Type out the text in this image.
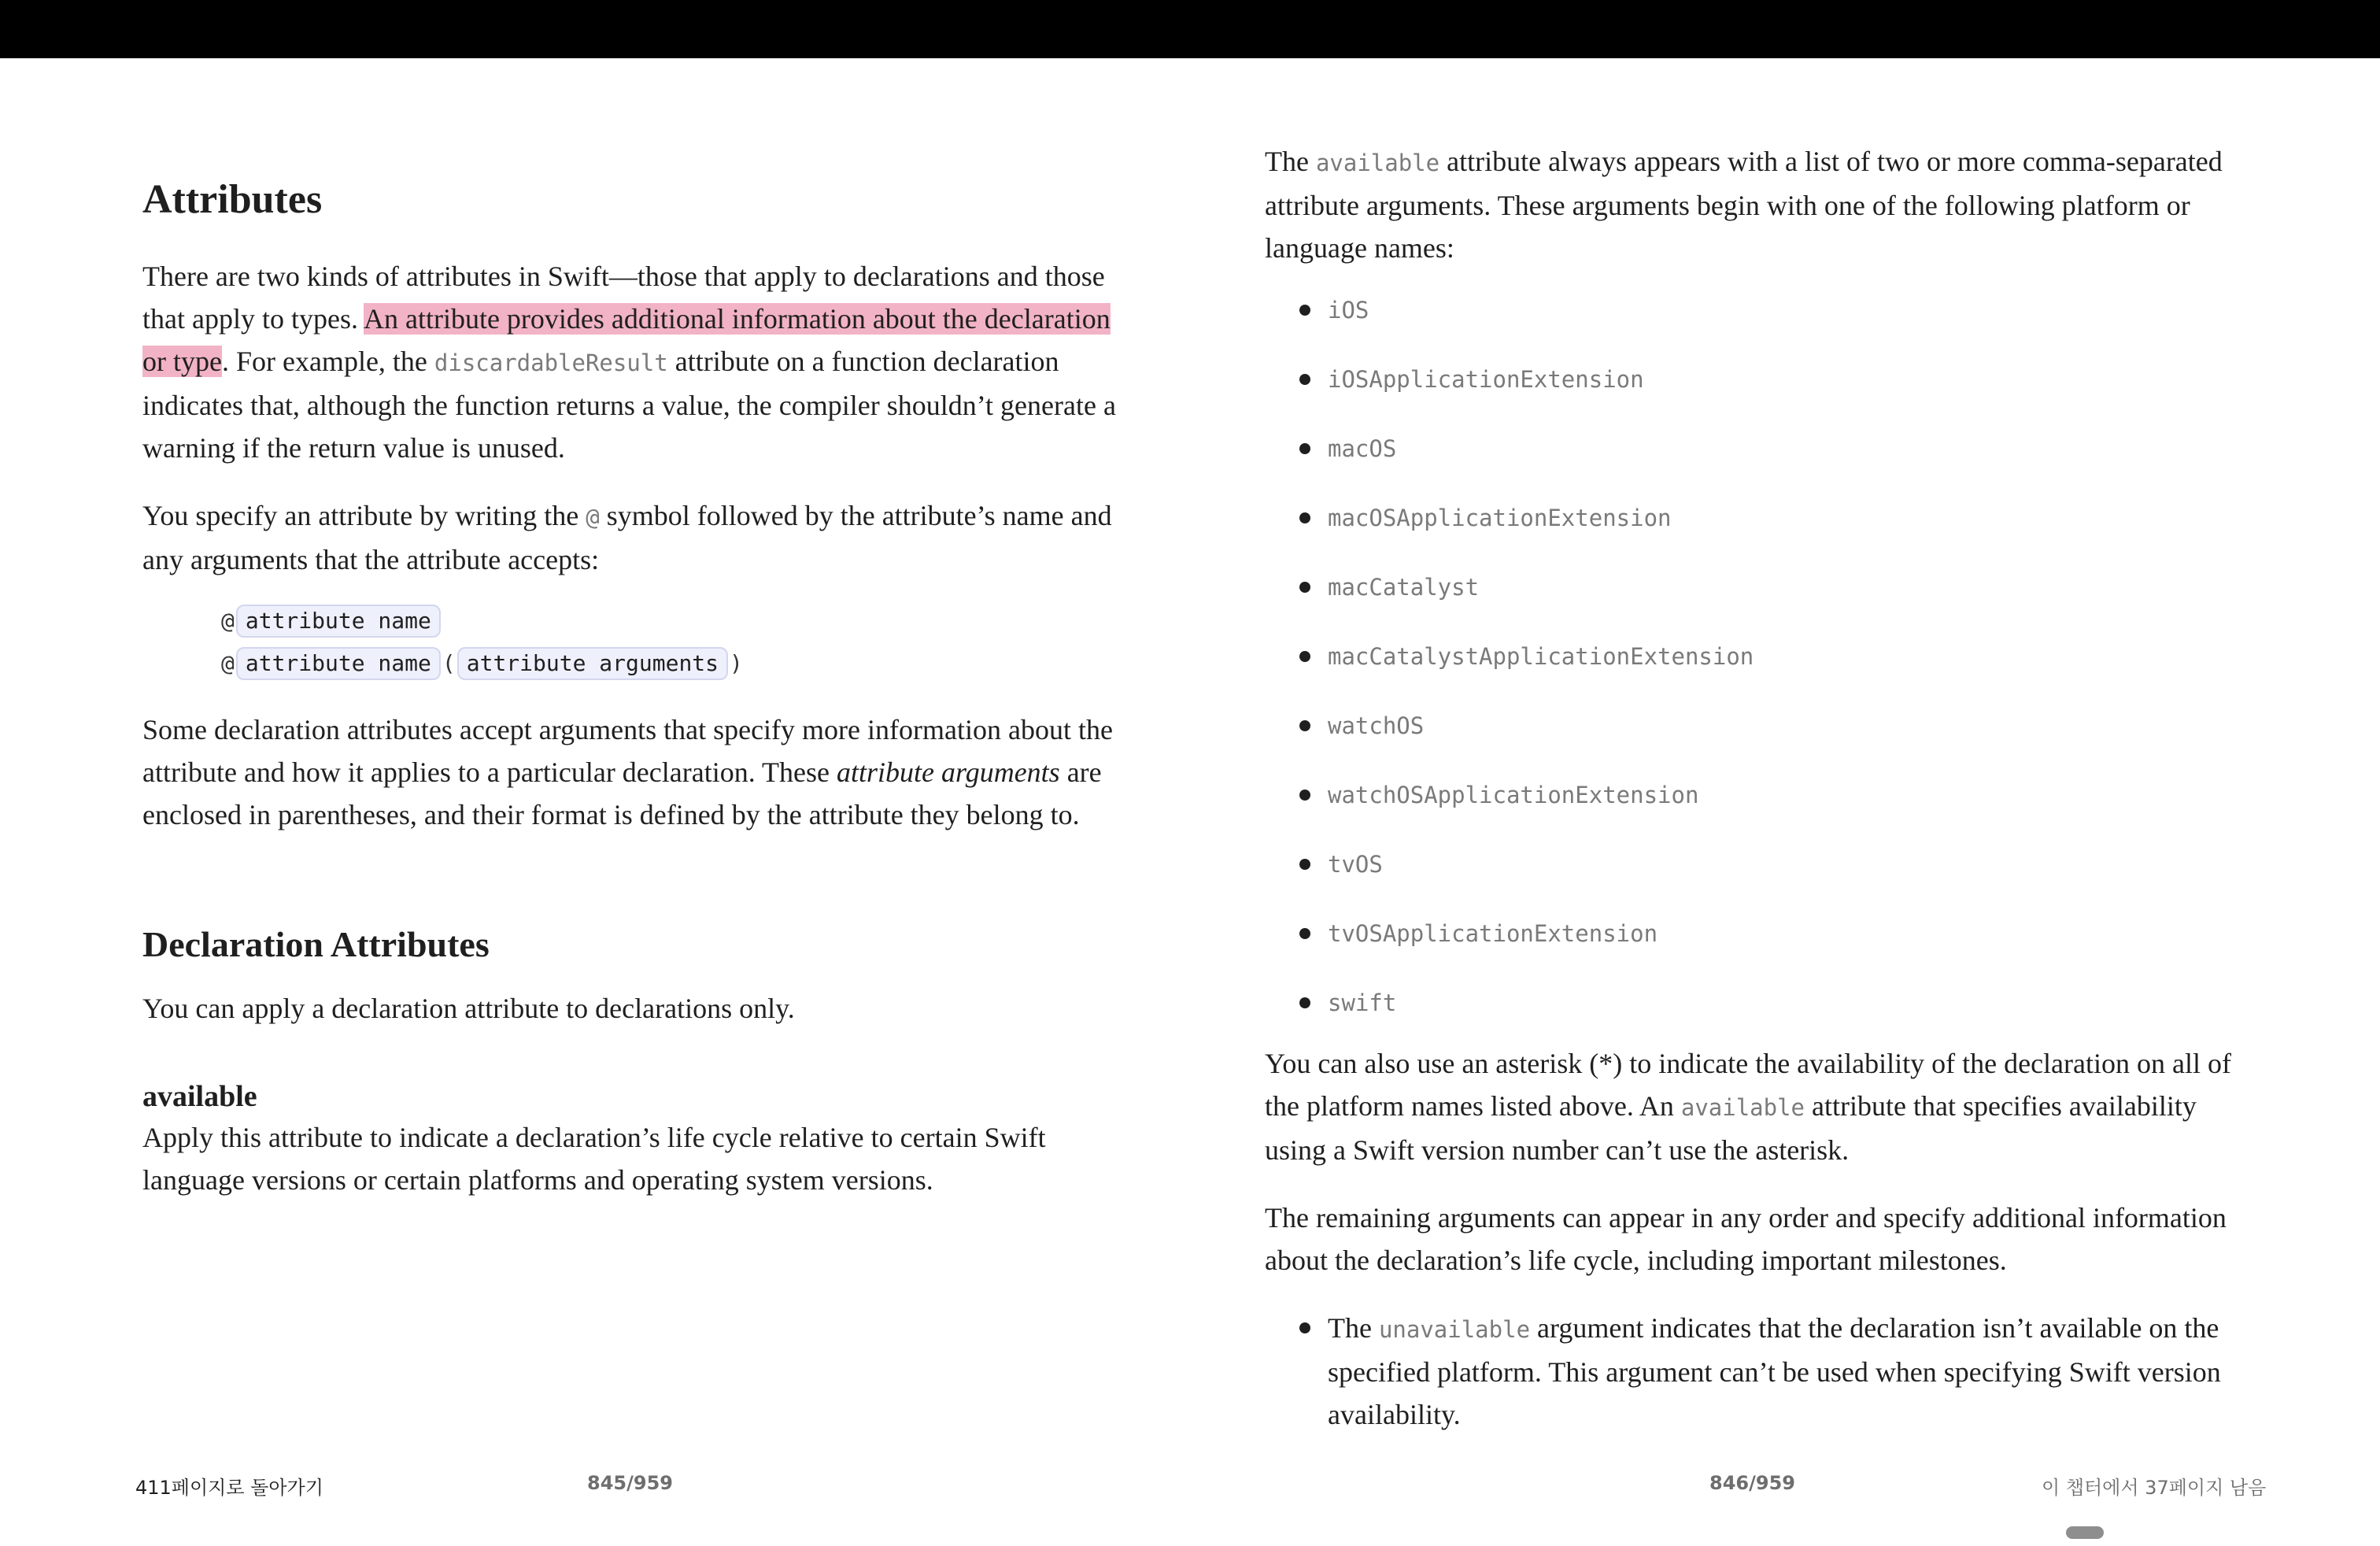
Attributes

There are two kinds of attributes in Swift—those that apply to declarations and those that apply to types. An attribute provides additional information about the declaration or type. For example, the discardableResult attribute on a function declaration indicates that, although the function returns a value, the compiler shouldn’t generate a warning if the return value is unused.

You specify an attribute by writing the @ symbol followed by the attribute’s name and any arguments that the attribute accepts:

@ attribute name
@ attribute name ( attribute arguments )

Some declaration attributes accept arguments that specify more information about the attribute and how it applies to a particular declaration. These attribute arguments are enclosed in parentheses, and their format is defined by the attribute they belong to.

Declaration Attributes

You can apply a declaration attribute to declarations only.

available

Apply this attribute to indicate a declaration’s life cycle relative to certain Swift language versions or certain platforms and operating system versions.

The available attribute always appears with a list of two or more comma-separated attribute arguments. These arguments begin with one of the following platform or language names:

iOS
iOSApplicationExtension
macOS
macOSApplicationExtension
macCatalyst
macCatalystApplicationExtension
watchOS
watchOSApplicationExtension
tvOS
tvOSApplicationExtension
swift

You can also use an asterisk (*) to indicate the availability of the declaration on all of the platform names listed above. An available attribute that specifies availability using a Swift version number can’t use the asterisk.

The remaining arguments can appear in any order and specify additional information about the declaration’s life cycle, including important milestones.

The unavailable argument indicates that the declaration isn’t available on the specified platform. This argument can’t be used when specifying Swift version availability.
411페이지로 돌아가기	845/959	846/959	이 챕터에서 37페이지 남음
